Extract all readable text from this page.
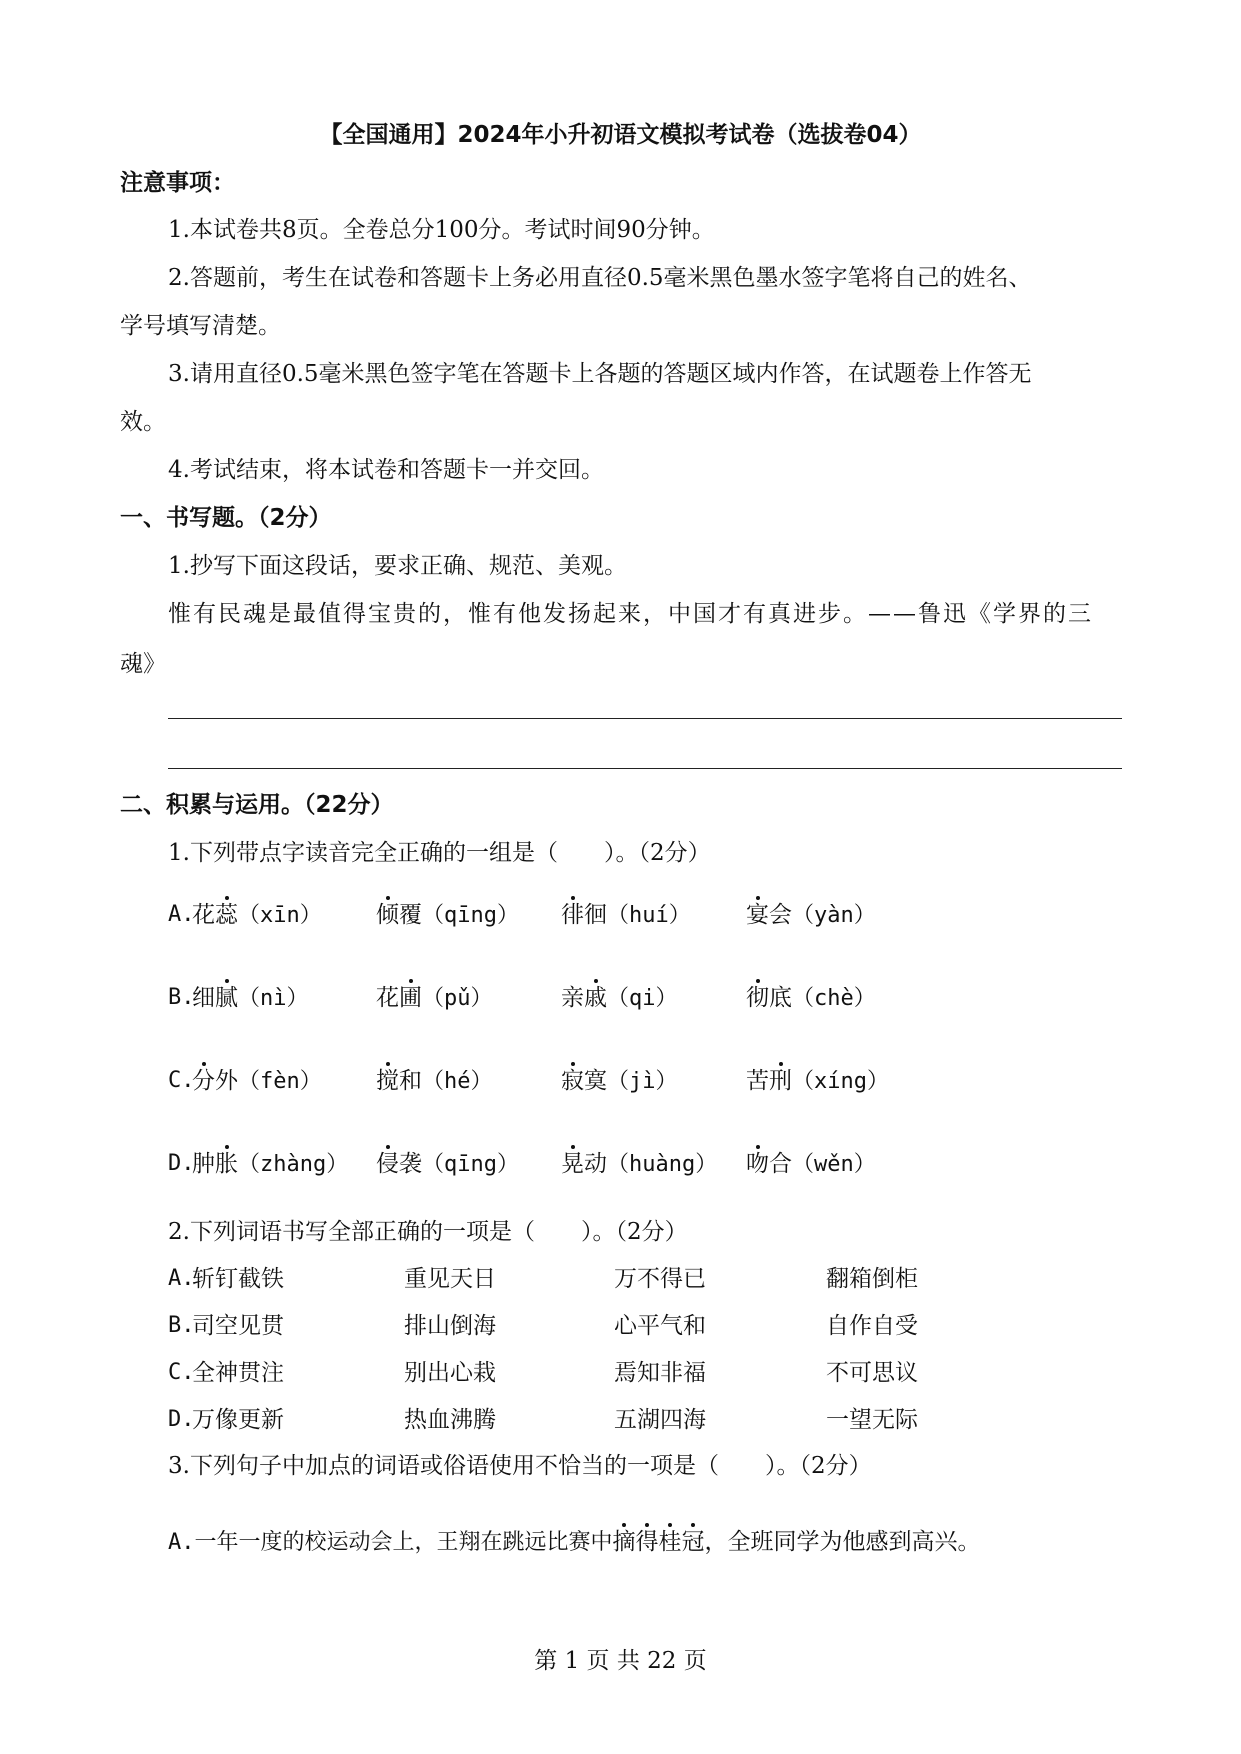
【全国通用】2024年小升初语文模拟考试卷（选拔卷04）
注意事项：
1.本试卷共8页。全卷总分100分。考试时间90分钟。
2.答题前，考生在试卷和答题卡上务必用直径0.5毫米黑色墨水签字笔将自己的姓名、
学号填写清楚。
3.请用直径0.5毫米黑色签字笔在答题卡上各题的答题区域内作答，在试题卷上作答无
效。
4.考试结束，将本试卷和答题卡一并交回。
一、书写题。（2分）
1.抄写下面这段话，要求正确、规范、美观。
惟有民魂是最值得宝贵的，惟有他发扬起来，中国才有真进步。——鲁迅《学界的三
魂》
二、积累与运用。（22分）
1.下列带点字读音完全正确的一组是（　　）。（2分）
A.
花蕊（xīn） 倾覆（qīng） 徘徊（huí） 宴会（yàn）
B.
细腻（nì）	花圃（pǔ）	亲戚（qi）	彻底（chè）
C.
分外（fèn） 搅和（hé）	寂寞（jì）	苦刑（xíng）
D.
肿胀（zhàng） 侵袭（qīng） 晃动（huàng） 吻合（wěn）
2.下列词语书写全部正确的一项是（　　）。（2分）
A.
斩钉截铁	重见天日	万不得已	翻箱倒柜
B.
司空见贯	排山倒海	心平气和	自作自受
C.
全神贯注	别出心栽	焉知非福	不可思议
D.
万像更新	热血沸腾	五湖四海	一望无际
3.下列句子中加点的词语或俗语使用不恰当的一项是（　　）。（2分）
A.一年一度的校运动会上，王翔在跳远比赛中摘得桂冠，全班同学为他感到高兴。
第 1 页 共 22 页
